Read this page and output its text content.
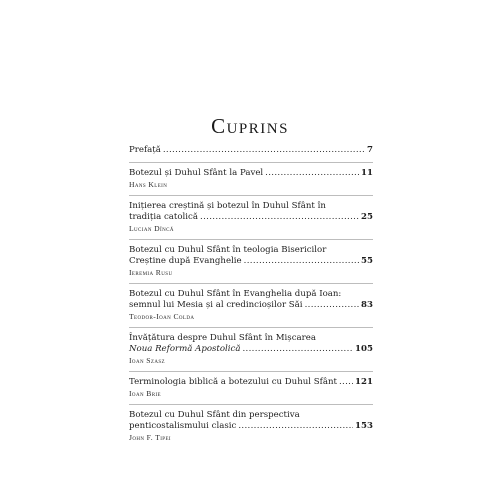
Cuprins
Prefață . . .	7
Botezul și Duhul Sfânt la Pavel . . .	11
Hans Klein
Inițierea creștină și botezul în Duhul Sfânt în
tradiția catolică . . .	25
Lucian Dîncă
Botezul cu Duhul Sfânt în teologia Bisericilor
Creștine după Evanghelie . . .	55
Ieremia Rusu
Botezul cu Duhul Sfânt în Evanghelia după Ioan:
semnul lui Mesia și al credincioșilor Săi . . .	83
Teodor-Ioan Colda
Învățătura despre Duhul Sfânt în Mișcarea
Noua Reformă Apostolică . . .	105
Ioan Szasz
Terminologia biblică a botezului cu Duhul Sfânt . . . 121
Ioan Brie
Botezul cu Duhul Sfânt din perspectiva
penticostalismului clasic . . .	153
John F. Tipei
